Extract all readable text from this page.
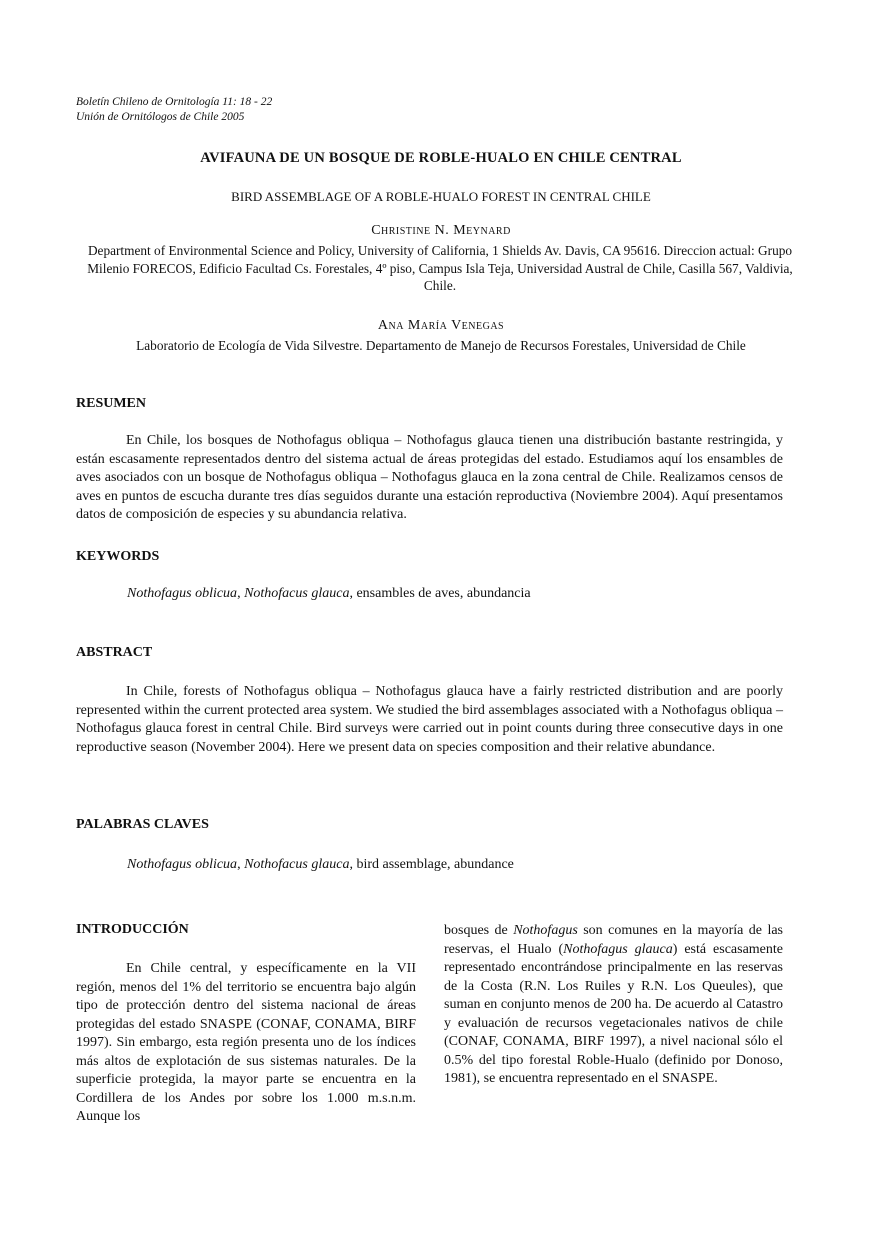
Boletín Chileno de Ornitología 11: 18 - 22
Unión de Ornitólogos de Chile 2005
AVIFAUNA DE UN BOSQUE DE ROBLE-HUALO EN CHILE CENTRAL
BIRD ASSEMBLAGE OF A ROBLE-HUALO FOREST IN CENTRAL CHILE
Christine N. Meynard
Department of Environmental Science and Policy, University of California, 1 Shields Av. Davis, CA 95616. Direccion actual: Grupo Milenio FORECOS, Edificio Facultad Cs. Forestales, 4º piso, Campus Isla Teja, Universidad Austral de Chile, Casilla 567, Valdivia, Chile.
Ana María Venegas
Laboratorio de Ecología de Vida Silvestre. Departamento de Manejo de Recursos Forestales, Universidad de Chile
RESUMEN

En Chile, los bosques de Nothofagus obliqua – Nothofagus glauca tienen una distribución bastante restringida, y están escasamente representados dentro del sistema actual de áreas protegidas del estado. Estudiamos aquí los ensambles de aves asociados con un bosque de Nothofagus obliqua – Nothofagus glauca en la zona central de Chile. Realizamos censos de aves en puntos de escucha durante tres días seguidos durante una estación reproductiva (Noviembre 2004). Aquí presentamos datos de composición de especies y su abundancia relativa.

KEYWORDS
Nothofagus oblicua, Nothofacus glauca, ensambles de aves, abundancia
ABSTRACT

In Chile, forests of Nothofagus obliqua – Nothofagus glauca have a fairly restricted distribution and are poorly represented within the current protected area system. We studied the bird assemblages associated with a Nothofagus obliqua – Nothofagus glauca forest in central Chile. Bird surveys were carried out in point counts during three consecutive days in one reproductive season (November 2004). Here we present data on species composition and their relative abundance.

PALABRAS CLAVES
Nothofagus oblicua, Nothofacus glauca, bird assemblage, abundance
INTRODUCCIÓN

En Chile central, y específicamente en la VII región, menos del 1% del territorio se encuentra bajo algún tipo de protección dentro del sistema nacional de áreas protegidas del estado SNASPE (CONAF, CONAMA, BIRF 1997). Sin embargo, esta región presenta uno de los índices más altos de explotación de sus sistemas naturales. De la superficie protegida, la mayor parte se encuentra en la Cordillera de los Andes por sobre los 1.000 m.s.n.m. Aunque los

bosques de Nothofagus son comunes en la mayoría de las reservas, el Hualo (Nothofagus glauca) está escasamente representado encontrándose principalmente en las reservas de la Costa (R.N. Los Ruiles y R.N. Los Queules), que suman en conjunto menos de 200 ha. De acuerdo al Catastro y evaluación de recursos vegetacionales nativos de chile (CONAF, CONAMA, BIRF 1997), a nivel nacional sólo el 0.5% del tipo forestal Roble-Hualo (definido por Donoso, 1981), se encuentra representado en el SNASPE.
